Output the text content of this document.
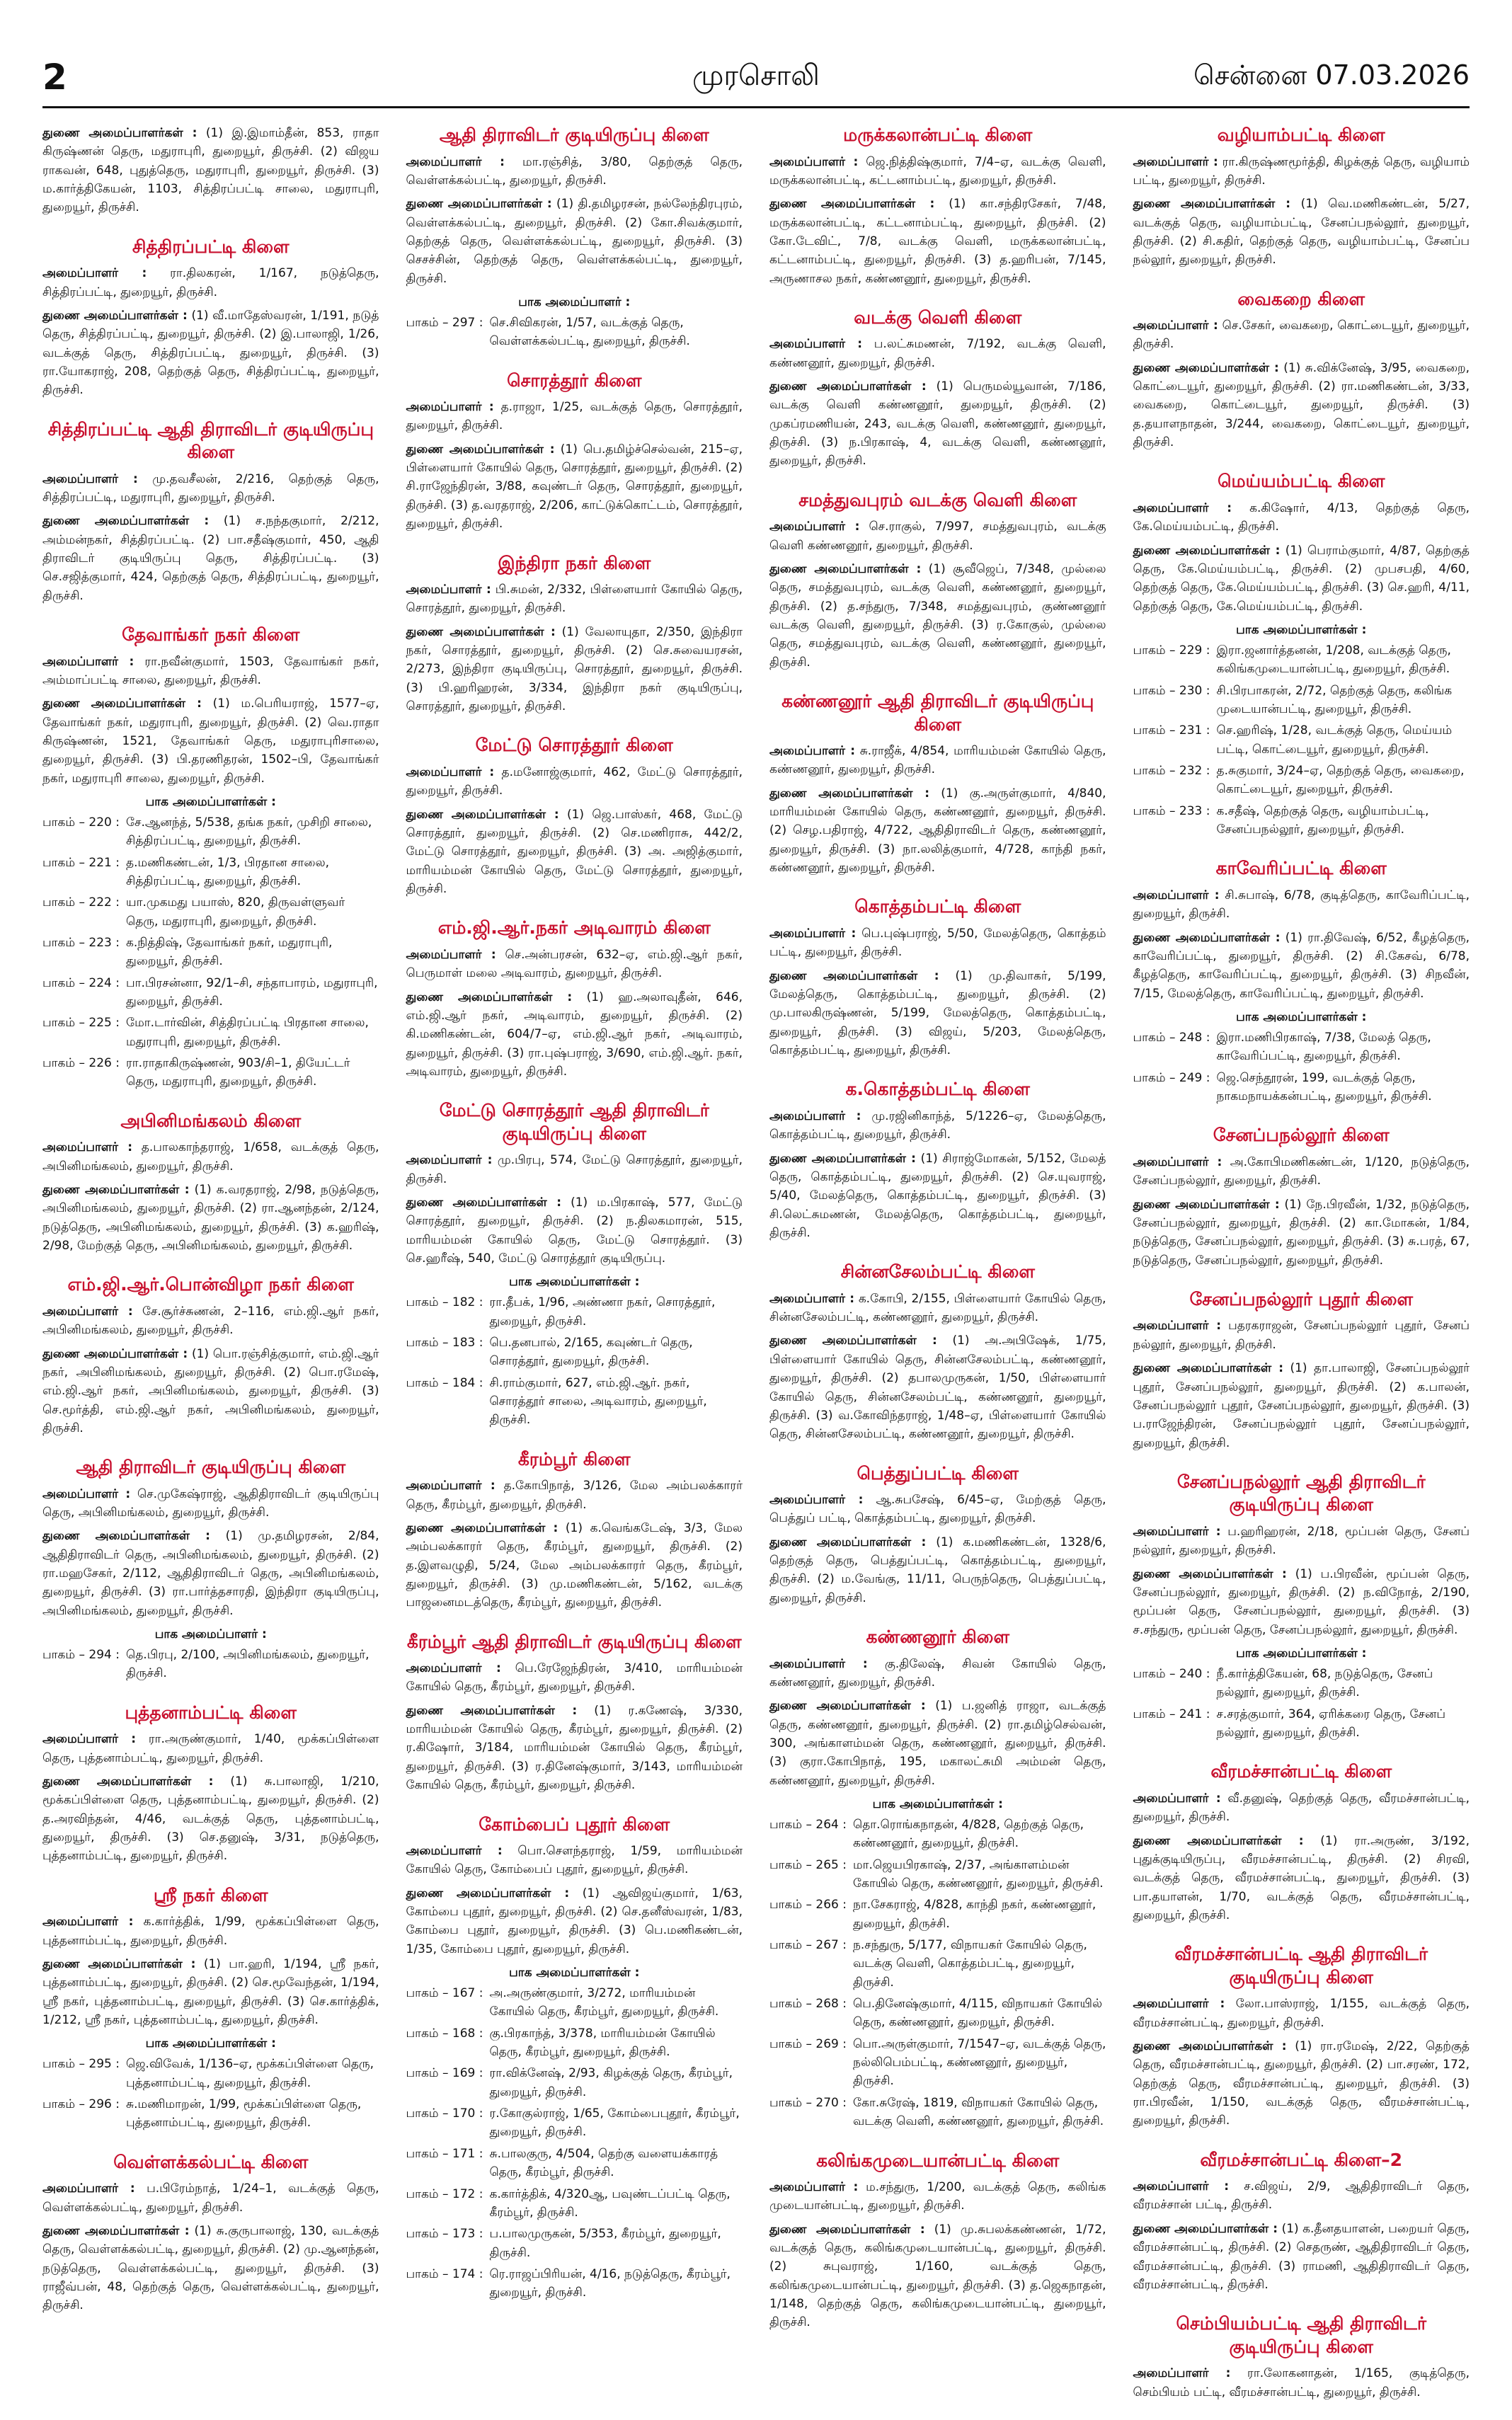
2	முரசொலி	சென்னை 07.03.2026

துணை அமைப்பாளர்கள் : (1) இ.இமாம்தீன், 853, ராதா கிருஷ்ணன் தெரு, மதுராபுரி, துறையூர், திருச்சி. (2) விஜய ராகவன், 648, புதுத்தெரு, மதுராபுரி, துறையூர், திருச்சி. (3) ம.கார்த்திகேயன், 1103, சித்திரப்பட்டி சாலை, மதுராபுரி, துறையூர், திருச்சி.

சித்திரப்பட்டி கிளை

அமைப்பாளர் : ரா.திலகரன், 1/167, நடுத்தெரு, சித்திரப்பட்டி, துறையூர், திருச்சி.

துணை அமைப்பாளர்கள் : (1) வீ.மாதேஸ்வரன், 1/191, நடுத் தெரு, சித்திரப்பட்டி, துறையூர், திருச்சி. (2) இ.பாலாஜி, 1/26, வடக்குத் தெரு, சித்திரப்பட்டி, துறையூர், திருச்சி. (3) ரா.யோகராஜ், 208, தெற்குத் தெரு, சித்திரப்பட்டி, துறையூர், திருச்சி.

சித்திரப்பட்டி ஆதி திராவிடர் குடியிருப்பு கிளை

அமைப்பாளர் : மு.தவசீலன், 2/216, தெற்குத் தெரு, சித்திரப்பட்டி, மதுராபுரி, துறையூர், திருச்சி.

துணை அமைப்பாளர்கள் : (1) ச.நந்தகுமார், 2/212, அம்மன்நகர், சித்திரப்பட்டி. (2) பா.சதீஷ்குமார், 450, ஆதி திராவிடர் குடியிருப்பு தெரு, சித்திரப்பட்டி. (3) செ.சஜித்குமார், 424, தெற்குத் தெரு, சித்திரப்பட்டி, துறையூர், திருச்சி.

தேவாங்கர் நகர் கிளை

அமைப்பாளர் : ரா.நவீன்குமார், 1503, தேவாங்கர் நகர், அம்மாப்பட்டி சாலை, துறையூர், திருச்சி.

துணை அமைப்பாளர்கள் : (1) ம.பெரியராஜ், 1577–ஏ, தேவாங்கர் நகர், மதுராபுரி, துறையூர், திருச்சி. (2) வெ.ராதா கிருஷ்ணன், 1521, தேவாங்கர் தெரு, மதுராபுரிசாலை, துறையூர், திருச்சி. (3) பி.தரணிதரன், 1502–பி, தேவாங்கர் நகர், மதுராபுரி சாலை, துறையூர், திருச்சி.

பாக அமைப்பாளர்கள் :
பாகம் – 220 : சே.ஆனந்த், 5/538, தங்க நகர், முசிறி சாலை, சித்திரப்பட்டி, துறையூர், திருச்சி.
பாகம் – 221 : த.மணிகண்டன், 1/3, பிரதான சாலை, சித்திரப்பட்டி, துறையூர், திருச்சி.
பாகம் – 222 : யா.முகமது பயாஸ், 820, திருவள்ளுவர் தெரு, மதுராபுரி, துறையூர், திருச்சி.
பாகம் – 223 : க.நித்திஷ், தேவாங்கர் நகர், மதுராபுரி, துறையூர், திருச்சி.
பாகம் – 224 : பா.பிரசன்னா, 92/1–சி, சந்தாபாரம், மதுராபுரி, துறையூர், திருச்சி.
பாகம் – 225 : மோ.டார்வின், சித்திரப்பட்டி பிரதான சாலை, மதுராபுரி, துறையூர், திருச்சி.
பாகம் – 226 : ரா.ராதாகிருஷ்ணன், 903/சி–1, தியேட்டர் தெரு, மதுராபுரி, துறையூர், திருச்சி.
அபினிமங்கலம் கிளை

அமைப்பாளர் : த.பாலகாந்தராஜ், 1/658, வடக்குத் தெரு, அபினிமங்கலம், துறையூர், திருச்சி.

துணை அமைப்பாளர்கள் : (1) க.வரதராஜ், 2/98, நடுத்தெரு, அபினிமங்கலம், துறையூர், திருச்சி. (2) ரா.ஆனந்தன், 2/124, நடுத்தெரு, அபினிமங்கலம், துறையூர், திருச்சி. (3) க.ஹரிஷ், 2/98, மேற்குத் தெரு, அபினிமங்கலம், துறையூர், திருச்சி.

எம்.ஜி.ஆர்.பொன்விழா நகர் கிளை

அமைப்பாளர் : சே.சூர்ச்சுணன், 2–116, எம்.ஜி.ஆர் நகர், அபினிமங்கலம், துறையூர், திருச்சி.

துணை அமைப்பாளர்கள் : (1) பொ.ரஞ்சித்குமார், எம்.ஜி.ஆர் நகர், அபினிமங்கலம், துறையூர், திருச்சி. (2) பொ.ரமேஷ், எம்.ஜி.ஆர் நகர், அபினிமங்கலம், துறையூர், திருச்சி. (3) செ.மூர்த்தி, எம்.ஜி.ஆர் நகர், அபினிமங்கலம், துறையூர், திருச்சி.

ஆதி திராவிடர் குடியிருப்பு கிளை

அமைப்பாளர் : செ.முகேஷ்ராஜ், ஆதிதிராவிடர் குடியிருப்பு தெரு, அபினிமங்கலம், துறையூர், திருச்சி.

துணை அமைப்பாளர்கள் : (1) மு.தமிழரசன், 2/84, ஆதிதிராவிடர் தெரு, அபினிமங்கலம், துறையூர், திருச்சி. (2) ரா.மஹசேகர், 2/112, ஆதிதிராவிடர் தெரு, அபினிமங்கலம், துறையூர், திருச்சி. (3) ரா.பார்த்தசாரதி, இந்திரா குடியிருப்பு, அபினிமங்கலம், துறையூர், திருச்சி.

பாக அமைப்பாளர் :
பாகம் – 294 : தெ.பிரபு, 2/100, அபினிமங்கலம், துறையூர், திருச்சி.
புத்தனாம்பட்டி கிளை

அமைப்பாளர் : ரா.அருண்குமார், 1/40, மூக்கப்பிள்ளை தெரு, புத்தனாம்பட்டி, துறையூர், திருச்சி.

துணை அமைப்பாளர்கள் : (1) சு.பாலாஜி, 1/210, மூக்கப்பிள்ளை தெரு, புத்தனாம்பட்டி, துறையூர், திருச்சி. (2) த.அரவிந்தன், 4/46, வடக்குத் தெரு, புத்தனாம்பட்டி, துறையூர், திருச்சி. (3) செ.தனுஷ், 3/31, நடுத்தெரு, புத்தனாம்பட்டி, துறையூர், திருச்சி.

ஸ்ரீ நகர் கிளை

அமைப்பாளர் : க.கார்த்திக், 1/99, மூக்கப்பிள்ளை தெரு, புத்தனாம்பட்டி, துறையூர், திருச்சி.

துணை அமைப்பாளர்கள் : (1) பா.ஹரி, 1/194, ஸ்ரீ நகர், புத்தனாம்பட்டி, துறையூர், திருச்சி. (2) செ.மூவேந்தன், 1/194, ஸ்ரீ நகர், புத்தனாம்பட்டி, துறையூர், திருச்சி. (3) செ.கார்த்திக், 1/212, ஸ்ரீ நகர், புத்தனாம்பட்டி, துறையூர், திருச்சி.

பாக அமைப்பாளர்கள் :
பாகம் – 295 : ஜெ.விவேக், 1/136–ஏ, மூக்கப்பிள்ளை தெரு, புத்தனாம்பட்டி, துறையூர், திருச்சி.
பாகம் – 296 : சு.மணிமாறன், 1/99, மூக்கப்பிள்ளை தெரு, புத்தனாம்பட்டி, துறையூர், திருச்சி.
வெள்ளக்கல்பட்டி கிளை

அமைப்பாளர் : ப.பிரேம்நாத், 1/24–1, வடக்குத் தெரு, வெள்ளக்கல்பட்டி, துறையூர், திருச்சி.

துணை அமைப்பாளர்கள் : (1) சு.குருபாலாஜ், 130, வடக்குத் தெரு, வெள்ளக்கல்பட்டி, துறையூர், திருச்சி. (2) மு.ஆனந்தன், நடுத்தெரு, வெள்ளக்கல்பட்டி, துறையூர், திருச்சி. (3) ராஜீவ்பன், 48, தெற்குத் தெரு, வெள்ளக்கல்பட்டி, துறையூர், திருச்சி.

ஆதி திராவிடர் குடியிருப்பு கிளை

அமைப்பாளர் : மா.ரஞ்சித், 3/80, தெற்குத் தெரு, வெள்ளக்கல்பட்டி, துறையூர், திருச்சி.

துணை அமைப்பாளர்கள் : (1) தி.தமிழரசன், நல்லேந்திரபுரம், வெள்ளக்கல்பட்டி, துறையூர், திருச்சி. (2) கோ.சிவக்குமார், தெற்குத் தெரு, வெள்ளக்கல்பட்டி, துறையூர், திருச்சி. (3) செசச்சின், தெற்குத் தெரு, வெள்ளக்கல்பட்டி, துறையூர், திருச்சி.

பாக அமைப்பாளர் :
பாகம் – 297 : செ.சிவிகரன், 1/57, வடக்குத் தெரு, வெள்ளக்கல்பட்டி, துறையூர், திருச்சி.
சொரத்தூர் கிளை

அமைப்பாளர் : த.ராஜா, 1/25, வடக்குத் தெரு, சொரத்தூர், துறையூர், திருச்சி.

துணை அமைப்பாளர்கள் : (1) பெ.தமிழ்ச்செல்வன், 215–ஏ, பிள்ளையார் கோயில் தெரு, சொரத்தூர், துறையூர், திருச்சி. (2) சி.ராஜேந்திரன், 3/88, கவுண்டர் தெரு, சொரத்தூர், துறையூர், திருச்சி. (3) த.வரதராஜ், 2/206, காட்டுக்கொட்டம், சொரத்தூர், துறையூர், திருச்சி.

இந்திரா நகர் கிளை

அமைப்பாளர் : பி.சுமன், 2/332, பிள்ளையார் கோயில் தெரு, சொரத்தூர், துறையூர், திருச்சி.

துணை அமைப்பாளர்கள் : (1) வேலாயுதா, 2/350, இந்திரா நகர், சொரத்தூர், துறையூர், திருச்சி. (2) செ.சுவையரசன், 2/273, இந்திரா குடியிருப்பு, சொரத்தூர், துறையூர், திருச்சி. (3) பி.ஹரிஹரன், 3/334, இந்திரா நகர் குடியிருப்பு, சொரத்தூர், துறையூர், திருச்சி.

மேட்டு சொரத்தூர் கிளை

அமைப்பாளர் : த.மனோஜ்குமார், 462, மேட்டு சொரத்தூர், துறையூர், திருச்சி.

துணை அமைப்பாளர்கள் : (1) ஜெ.பாஸ்கர், 468, மேட்டு சொரத்தூர், துறையூர், திருச்சி. (2) செ.மணிராசு, 442/2, மேட்டு சொரத்தூர், துறையூர், திருச்சி. (3) அ. அஜித்குமார், மாரியம்மன் கோயில் தெரு, மேட்டு சொரத்தூர், துறையூர், திருச்சி.

எம்.ஜி.ஆர்.நகர் அடிவாரம் கிளை

அமைப்பாளர் : செ.அன்பரசன், 632–ஏ, எம்.ஜி.ஆர் நகர், பெருமாள் மலை அடிவாரம், துறையூர், திருச்சி.

துணை அமைப்பாளர்கள் : (1) ஹ.அலாவுதீன், 646, எம்.ஜி.ஆர் நகர், அடிவாரம், துறையூர், திருச்சி. (2) கி.மணிகண்டன், 604/7–ஏ, எம்.ஜி.ஆர் நகர், அடிவாரம், துறையூர், திருச்சி. (3) ரா.புஷ்பராஜ், 3/690, எம்.ஜி.ஆர். நகர், அடிவாரம், துறையூர், திருச்சி.

மேட்டு சொரத்தூர் ஆதி திராவிடர் குடியிருப்பு கிளை

அமைப்பாளர் : மு.பிரபு, 574, மேட்டு சொரத்தூர், துறையூர், திருச்சி.

துணை அமைப்பாளர்கள் : (1) ம.பிரகாஷ், 577, மேட்டு சொரத்தூர், துறையூர், திருச்சி. (2) ந.திலகமாரன், 515, மாரியம்மன் கோயில் தெரு, மேட்டு சொரத்தூர். (3) செ.ஹரீஷ், 540, மேட்டு சொரத்தூர் குடியிருப்பு.

பாக அமைப்பாளர்கள் :
பாகம் – 182 : ரா.தீபக், 1/96, அண்ணா நகர், சொரத்தூர், துறையூர், திருச்சி.
பாகம் – 183 : பெ.தனபால், 2/165, கவுண்டர் தெரு, சொரத்தூர், துறையூர், திருச்சி.
பாகம் – 184 : சி.ராம்குமார், 627, எம்.ஜி.ஆர். நகர், சொரத்தூர் சாலை, அடிவாரம், துறையூர், திருச்சி.
கீரம்பூர் கிளை

அமைப்பாளர் : த.கோபிநாத், 3/126, மேல அம்பலக்காரர் தெரு, கீரம்பூர், துறையூர், திருச்சி.

துணை அமைப்பாளர்கள் : (1) க.வெங்கடேஷ், 3/3, மேல அம்பலக்காரர் தெரு, கீரம்பூர், துறையூர், திருச்சி. (2) த.இளவழுதி, 5/24, மேல அம்பலக்காரர் தெரு, கீரம்பூர், துறையூர், திருச்சி. (3) மு.மணிகண்டன், 5/162, வடக்கு பாஜனைமடத்தெரு, கீரம்பூர், துறையூர், திருச்சி.

கீரம்பூர் ஆதி திராவிடர் குடியிருப்பு கிளை

அமைப்பாளர் : பெ.ரேஜேந்திரன், 3/410, மாரியம்மன் கோயில் தெரு, கீரம்பூர், துறையூர், திருச்சி.

துணை அமைப்பாளர்கள் : (1) ர.கணேஷ், 3/330, மாரியம்மன் கோயில் தெரு, கீரம்பூர், துறையூர், திருச்சி. (2) ர.கிஷோர், 3/184, மாரியம்மன் கோயில் தெரு, கீரம்பூர், துறையூர், திருச்சி. (3) ர.தினேஷ்குமார், 3/143, மாரியம்மன் கோயில் தெரு, கீரம்பூர், துறையூர், திருச்சி.

கோம்பைப் புதூர் கிளை

அமைப்பாளர் : பொ.சௌந்தராஜ், 1/59, மாரியம்மன் கோயில் தெரு, கோம்பைப் புதூர், துறையூர், திருச்சி.

துணை அமைப்பாளர்கள் : (1) ஆவிஜய்குமார், 1/63, கோம்பை புதூர், துறையூர், திருச்சி. (2) செ.தனீஸ்வரன், 1/83, கோம்பை புதூர், துறையூர், திருச்சி. (3) பெ.மணிகண்டன், 1/35, கோம்பை புதூர், துறையூர், திருச்சி.

பாக அமைப்பாளர்கள் :
பாகம் – 167 : அ.அருண்குமார், 3/272, மாரியம்மன் கோயில் தெரு, கீரம்பூர், துறையூர், திருச்சி.
பாகம் – 168 : கு.பிரகாந்த், 3/378, மாரியம்மன் கோயில் தெரு, கீரம்பூர், துறையூர், திருச்சி.
பாகம் – 169 : ரா.விக்னேஷ், 2/93, கிழக்குத் தெரு, கீரம்பூர், துறையூர், திருச்சி.
பாகம் – 170 : ர.கோகுல்ராஜ், 1/65, கோம்பைபுதூர், கீரம்பூர், துறையூர், திருச்சி.
பாகம் – 171 : சு.பாலகுரு, 4/504, தெற்கு வளையக்காரத் தெரு, கீரம்பூர், திருச்சி.
பாகம் – 172 : க.கார்த்திக், 4/320ஆ, பவுண்டப்பட்டி தெரு, கீரம்பூர், திருச்சி.
பாகம் – 173 : ப.பாலமுருகன், 5/353, கீரம்பூர், துறையூர், திருச்சி.
பாகம் – 174 : ரெ.ராஜப்பிரியன், 4/16, நடுத்தெரு, கீரம்பூர், துறையூர், திருச்சி.
மருக்கலான்பட்டி கிளை

அமைப்பாளர் : ஜெ.நித்திஷ்குமார், 7/4–ஏ, வடக்கு வெளி, மருக்கலான்பட்டி, கட்டனாம்பட்டி, துறையூர், திருச்சி.

துணை அமைப்பாளர்கள் : (1) கா.சந்திரசேகர், 7/48, மருக்கலான்பட்டி, கட்டனாம்பட்டி, துறையூர், திருச்சி. (2) கோ.டேவிட், 7/8, வடக்கு வெளி, மருக்கலான்பட்டி, கட்டனாம்பட்டி, துறையூர், திருச்சி. (3) த.ஹரிபன், 7/145, அருணாசல நகர், கண்ணனூர், துறையூர், திருச்சி.

வடக்கு வெளி கிளை

அமைப்பாளர் : ப.லட்சுமணன், 7/192, வடக்கு வெளி, கண்ணனூர், துறையூர், திருச்சி.

துணை அமைப்பாளர்கள் : (1) பெருமல்யூவான், 7/186, வடக்கு வெளி கண்ணனூர், துறையூர், திருச்சி. (2) முகப்ரமணியன், 243, வடக்கு வெளி, கண்ணனூர், துறையூர், திருச்சி. (3) ந.பிரகாஷ், 4, வடக்கு வெளி, கண்ணனூர், துறையூர், திருச்சி.

சமத்துவபுரம் வடக்கு வெளி கிளை

அமைப்பாளர் : செ.ராகுல், 7/997, சமத்துவபுரம், வடக்கு வெளி கண்ணனூர், துறையூர், திருச்சி.

துணை அமைப்பாளர்கள் : (1) சூவீஜெப், 7/348, முல்லை தெரு, சமத்துவபுரம், வடக்கு வெளி, கண்ணனூர், துறையூர், திருச்சி. (2) த.சந்துரு, 7/348, சமத்துவபுரம், குண்ணனூர் வடக்கு வெளி, துறையூர், திருச்சி. (3) ர.கோகுல், முல்லை தெரு, சமத்துவபுரம், வடக்கு வெளி, கண்ணனூர், துறையூர், திருச்சி.

கண்ணனூர் ஆதி திராவிடர் குடியிருப்பு கிளை

அமைப்பாளர் : சு.ராஜீக், 4/854, மாரியம்மன் கோயில் தெரு, கண்ணனூர், துறையூர், திருச்சி.

துணை அமைப்பாளர்கள் : (1) கு.அருள்குமார், 4/840, மாரியம்மன் கோயில் தெரு, கண்ணனூர், துறையூர், திருச்சி. (2) செழ.பதிராஜ், 4/722, ஆதிதிராவிடர் தெரு, கண்ணனூர், துறையூர், திருச்சி. (3) நா.லலித்குமார், 4/728, காந்தி நகர், கண்ணனூர், துறையூர், திருச்சி.

கொத்தம்பட்டி கிளை

அமைப்பாளர் : பெ.புஷ்பராஜ், 5/50, மேலத்தெரு, கொத்தம் பட்டி, துறையூர், திருச்சி.

துணை அமைப்பாளர்கள் : (1) மு.திவாகர், 5/199, மேலத்தெரு, கொத்தம்பட்டி, துறையூர், திருச்சி. (2) மு.பாலகிருஷ்ணன், 5/199, மேலத்தெரு, கொத்தம்பட்டி, துறையூர், திருச்சி. (3) விஜய், 5/203, மேலத்தெரு, கொத்தம்பட்டி, துறையூர், திருச்சி.

க.கொத்தம்பட்டி கிளை

அமைப்பாளர் : மு.ரஜினிகாந்த், 5/1226–ஏ, மேலத்தெரு, கொத்தம்பட்டி, துறையூர், திருச்சி.

துணை அமைப்பாளர்கள் : (1) சிராஜ்மோகன், 5/152, மேலத் தெரு, கொத்தம்பட்டி, துறையூர், திருச்சி. (2) செ.யுவராஜ், 5/40, மேலத்தெரு, கொத்தம்பட்டி, துறையூர், திருச்சி. (3) சி.லெட்சுமணன், மேலத்தெரு, கொத்தம்பட்டி, துறையூர், திருச்சி.

சின்னசேலம்பட்டி கிளை

அமைப்பாளர் : க.கோபி, 2/155, பிள்ளையார் கோயில் தெரு, சின்னசேலம்பட்டி, கண்ணனூர், துறையூர், திருச்சி.

துணை அமைப்பாளர்கள் : (1) அ.அபிஷேக், 1/75, பிள்ளையார் கோயில் தெரு, சின்னசேலம்பட்டி, கண்ணனூர், துறையூர், திருச்சி. (2) தபாலமுருகன், 1/50, பிள்ளையார் கோயில் தெரு, சின்னசேலம்பட்டி, கண்ணனூர், துறையூர், திருச்சி. (3) வ.கோவிந்தராஜ், 1/48–ஏ, பிள்ளையார் கோயில் தெரு, சின்னசேலம்பட்டி, கண்ணனூர், துறையூர், திருச்சி.

பெத்துப்பட்டி கிளை

அமைப்பாளர் : ஆ.சுபசேஷ், 6/45–ஏ, மேற்குத் தெரு, பெத்துப் பட்டி, கொத்தம்பட்டி, துறையூர், திருச்சி.

துணை அமைப்பாளர்கள் : (1) க.மணிகண்டன், 1328/6, தெற்குத் தெரு, பெத்துப்பட்டி, கொத்தம்பட்டி, துறையூர், திருச்சி. (2) ம.வேங்கு, 11/11, பெருந்தெரு, பெத்துப்பட்டி, துறையூர், திருச்சி.

கண்ணனூர் கிளை

அமைப்பாளர் : கு.திலேஷ், சிவன் கோயில் தெரு, கண்ணனூர், துறையூர், திருச்சி.

துணை அமைப்பாளர்கள் : (1) ப.ஜனித் ராஜா, வடக்குத் தெரு, கண்ணனூர், துறையூர், திருச்சி. (2) ரா.தமிழ்செல்வன், 300, அங்காளம்மன் தெரு, கண்ணனூர், துறையூர், திருச்சி. (3) குரா.கோபிநாத், 195, மகாலட்சுமி அம்மன் தெரு, கண்ணனூர், துறையூர், திருச்சி.

பாக அமைப்பாளர்கள் :
பாகம் – 264 : தொ.ரொங்கநாதன், 4/828, தெற்குத் தெரு, கண்ணனூர், துறையூர், திருச்சி.
பாகம் – 265 : மா.ஜெயபிரகாஷ், 2/37, அங்காளம்மன் கோயில் தெரு, கண்ணனூர், துறையூர், திருச்சி.
பாகம் – 266 : நா.சேகராஜ், 4/828, காந்தி நகர், கண்ணனூர், துறையூர், திருச்சி.
பாகம் – 267 : ந.சந்துரு, 5/177, விநாயகர் கோயில் தெரு, வடக்கு வெளி, கொத்தம்பட்டி, துறையூர், திருச்சி.
பாகம் – 268 : பெ.தினேஷ்குமார், 4/115, விநாயகர் கோயில் தெரு, கண்ணனூர், துறையூர், திருச்சி.
பாகம் – 269 : பொ.அருள்குமார், 7/1547–ஏ, வடக்குத் தெரு, நல்லிபெம்பட்டி, கண்ணனூர், துறையூர், திருச்சி.
பாகம் – 270 : கோ.சுரேஷ், 1819, விநாயகர் கோயில் தெரு, வடக்கு வெளி, கண்ணனூர், துறையூர், திருச்சி.
கலிங்கமுடையான்பட்டி கிளை

அமைப்பாளர் : ம.சந்துரு, 1/200, வடக்குத் தெரு, கலிங்க முடையான்பட்டி, துறையூர், திருச்சி.

துணை அமைப்பாளர்கள் : (1) மு.சுபலக்கண்ணன், 1/72, வடக்குத் தெரு, கலிங்கமுடையான்பட்டி, துறையூர், திருச்சி. (2) சுபுவராஜ், 1/160, வடக்குத் தெரு, கலிங்கமுடையான்பட்டி, துறையூர், திருச்சி. (3) த.ஜெகநாதன், 1/148, தெற்குத் தெரு, கலிங்கமுடையான்பட்டி, துறையூர், திருச்சி.

வழியாம்பட்டி கிளை

அமைப்பாளர் : ரா.கிருஷ்ணமூர்த்தி, கிழக்குத் தெரு, வழியாம் பட்டி, துறையூர், திருச்சி.

துணை அமைப்பாளர்கள் : (1) வெ.மணிகண்டன், 5/27, வடக்குத் தெரு, வழியாம்பட்டி, சேனப்பநல்லூர், துறையூர், திருச்சி. (2) சி.கதிர், தெற்குத் தெரு, வழியாம்பட்டி, சேனப்ப நல்லூர், துறையூர், திருச்சி.

வைகறை கிளை

அமைப்பாளர் : செ.சேகர், வைகறை, கொட்டையூர், துறையூர், திருச்சி.

துணை அமைப்பாளர்கள் : (1) சு.விக்னேஷ், 3/95, வைகறை, கொட்டையூர், துறையூர், திருச்சி. (2) ரா.மணிகண்டன், 3/33, வைகறை, கொட்டையூர், துறையூர், திருச்சி. (3) த.தயாளநாதன், 3/244, வைகறை, கொட்டையூர், துறையூர், திருச்சி.

மெய்யம்பட்டி கிளை

அமைப்பாளர் : க.கிஷோர், 4/13, தெற்குத் தெரு, கே.மெய்யம்பட்டி, திருச்சி.

துணை அமைப்பாளர்கள் : (1) பெராம்குமார், 4/87, தெற்குத் தெரு, கே.மெய்யம்பட்டி, திருச்சி. (2) முபசபதி, 4/60, தெற்குத் தெரு, கே.மெய்யம்பட்டி, திருச்சி. (3) செ.ஹரி, 4/11, தெற்குத் தெரு, கே.மெய்யம்பட்டி, திருச்சி.

பாக அமைப்பாளர்கள் :
பாகம் – 229 : இரா.ஜனார்த்தனன், 1/208, வடக்குத் தெரு, கலிங்கமுடையான்பட்டி, துறையூர், திருச்சி.
பாகம் – 230 : சி.பிரபாகரன், 2/72, தெற்குத் தெரு, கலிங்க முடையான்பட்டி, துறையூர், திருச்சி.
பாகம் – 231 : செ.ஹரிஷ், 1/28, வடக்குத் தெரு, மெய்யம் பட்டி, கொட்டையூர், துறையூர், திருச்சி.
பாகம் – 232 : த.சுகுமார், 3/24–ஏ, தெற்குத் தெரு, வைகறை, கொட்டையூர், துறையூர், திருச்சி.
பாகம் – 233 : க.சதீஷ், தெற்குத் தெரு, வழியாம்பட்டி, சேனப்பநல்லூர், துறையூர், திருச்சி.
காவேரிப்பட்டி கிளை

அமைப்பாளர் : சி.சுபாஷ், 6/78, குடித்தெரு, காவேரிப்பட்டி, துறையூர், திருச்சி.

துணை அமைப்பாளர்கள் : (1) ரா.திவேஷ், 6/52, கீழத்தெரு, காவேரிப்பட்டி, துறையூர், திருச்சி. (2) சி.கேசவ், 6/78, கீழத்தெரு, காவேரிப்பட்டி, துறையூர், திருச்சி. (3) சிநவீன், 7/15, மேலத்தெரு, காவேரிப்பட்டி, துறையூர், திருச்சி.

பாக அமைப்பாளர்கள் :
பாகம் – 248 : இரா.மணிபிரகாஷ், 7/38, மேலத் தெரு, காவேரிப்பட்டி, துறையூர், திருச்சி.
பாகம் – 249 : ஜெ.செந்தூரன், 199, வடக்குத் தெரு, நாகமநாயக்கன்பட்டி, துறையூர், திருச்சி.
சேனப்பநல்லூர் கிளை

அமைப்பாளர் : அ.கோபிமணிகண்டன், 1/120, நடுத்தெரு, சேனப்பநல்லூர், துறையூர், திருச்சி.

துணை அமைப்பாளர்கள் : (1) நே.பிரவீன், 1/32, நடுத்தெரு, சேனப்பநல்லூர், துறையூர், திருச்சி. (2) கா.மோகன், 1/84, நடுத்தெரு, சேனப்பநல்லூர், துறையூர், திருச்சி. (3) சு.பரத், 67, நடுத்தெரு, சேனப்பநல்லூர், துறையூர், திருச்சி.

சேனப்பநல்லூர் புதூர் கிளை

அமைப்பாளர் : பதரகராஜன், சேனப்பநல்லூர் புதூர், சேனப் நல்லூர், துறையூர், திருச்சி.

துணை அமைப்பாளர்கள் : (1) தா.பாலாஜி, சேனப்பநல்லூர் புதூர், சேனப்பநல்லூர், துறையூர், திருச்சி. (2) க.பாலன், சேனப்பநல்லூர் புதூர், சேனப்பநல்லூர், துறையூர், திருச்சி. (3) ப.ராஜேந்திரன், சேனப்பநல்லூர் புதூர், சேனப்பநல்லூர், துறையூர், திருச்சி.

சேனப்பநல்லூர் ஆதி திராவிடர் குடியிருப்பு கிளை

அமைப்பாளர் : ப.ஹரிஹரன், 2/18, மூப்பன் தெரு, சேனப் நல்லூர், துறையூர், திருச்சி.

துணை அமைப்பாளர்கள் : (1) ப.பிரவீன், மூப்பன் தெரு, சேனப்பநல்லூர், துறையூர், திருச்சி. (2) ந.விநோத், 2/190, மூப்பன் தெரு, சேனப்பநல்லூர், துறையூர், திருச்சி. (3) ச.சந்துரு, மூப்பன் தெரு, சேனப்பநல்லூர், துறையூர், திருச்சி.

பாக அமைப்பாளர்கள் :
பாகம் – 240 : நீ.கார்த்திகேயன், 68, நடுத்தெரு, சேனப் நல்லூர், துறையூர், திருச்சி.
பாகம் – 241 : ச.சரத்குமார், 364, ஏரிக்கரை தெரு, சேனப் நல்லூர், துறையூர், திருச்சி.
வீரமச்சான்பட்டி கிளை

அமைப்பாளர் : வீ.தனுஷ், தெற்குத் தெரு, வீரமச்சான்பட்டி, துறையூர், திருச்சி.

துணை அமைப்பாளர்கள் : (1) ரா.அருண், 3/192, புதுக்குடியிருப்பு, வீரமச்சான்பட்டி, திருச்சி. (2) சிரவி, வடக்குத் தெரு, வீரமச்சான்பட்டி, துறையூர், திருச்சி. (3) பா.தயாளன், 1/70, வடக்குத் தெரு, வீரமச்சான்பட்டி, துறையூர், திருச்சி.

வீரமச்சான்பட்டி ஆதி திராவிடர் குடியிருப்பு கிளை

அமைப்பாளர் : லோ.பாஸ்ராஜ், 1/155, வடக்குத் தெரு, வீரமச்சான்பட்டி, துறையூர், திருச்சி.

துணை அமைப்பாளர்கள் : (1) ரா.ரமேஷ், 2/22, தெற்குத் தெரு, வீரமச்சான்பட்டி, துறையூர், திருச்சி. (2) பா.சரண், 172, தெற்குத் தெரு, வீரமச்சான்பட்டி, துறையூர், திருச்சி. (3) ரா.பிரவீன், 1/150, வடக்குத் தெரு, வீரமச்சான்பட்டி, துறையூர், திருச்சி.

வீரமச்சான்பட்டி கிளை–2

அமைப்பாளர் : ச.விஜய், 2/9, ஆதிதிராவிடர் தெரு, வீரமச்சான் பட்டி, திருச்சி.

துணை அமைப்பாளர்கள் : (1) க.தீனதயாளன், பறையர் தெரு, வீரமச்சான்பட்டி, திருச்சி. (2) செதருண், ஆதிதிராவிடர் தெரு, வீரமச்சான்பட்டி, திருச்சி. (3) ராமணி, ஆதிதிராவிடர் தெரு, வீரமச்சான்பட்டி, திருச்சி.

செம்பியம்பட்டி ஆதி திராவிடர் குடியிருப்பு கிளை

அமைப்பாளர் : ரா.லோகனாதன், 1/165, குடித்தெரு, செம்பியம் பட்டி, வீரமச்சான்பட்டி, துறையூர், திருச்சி.
